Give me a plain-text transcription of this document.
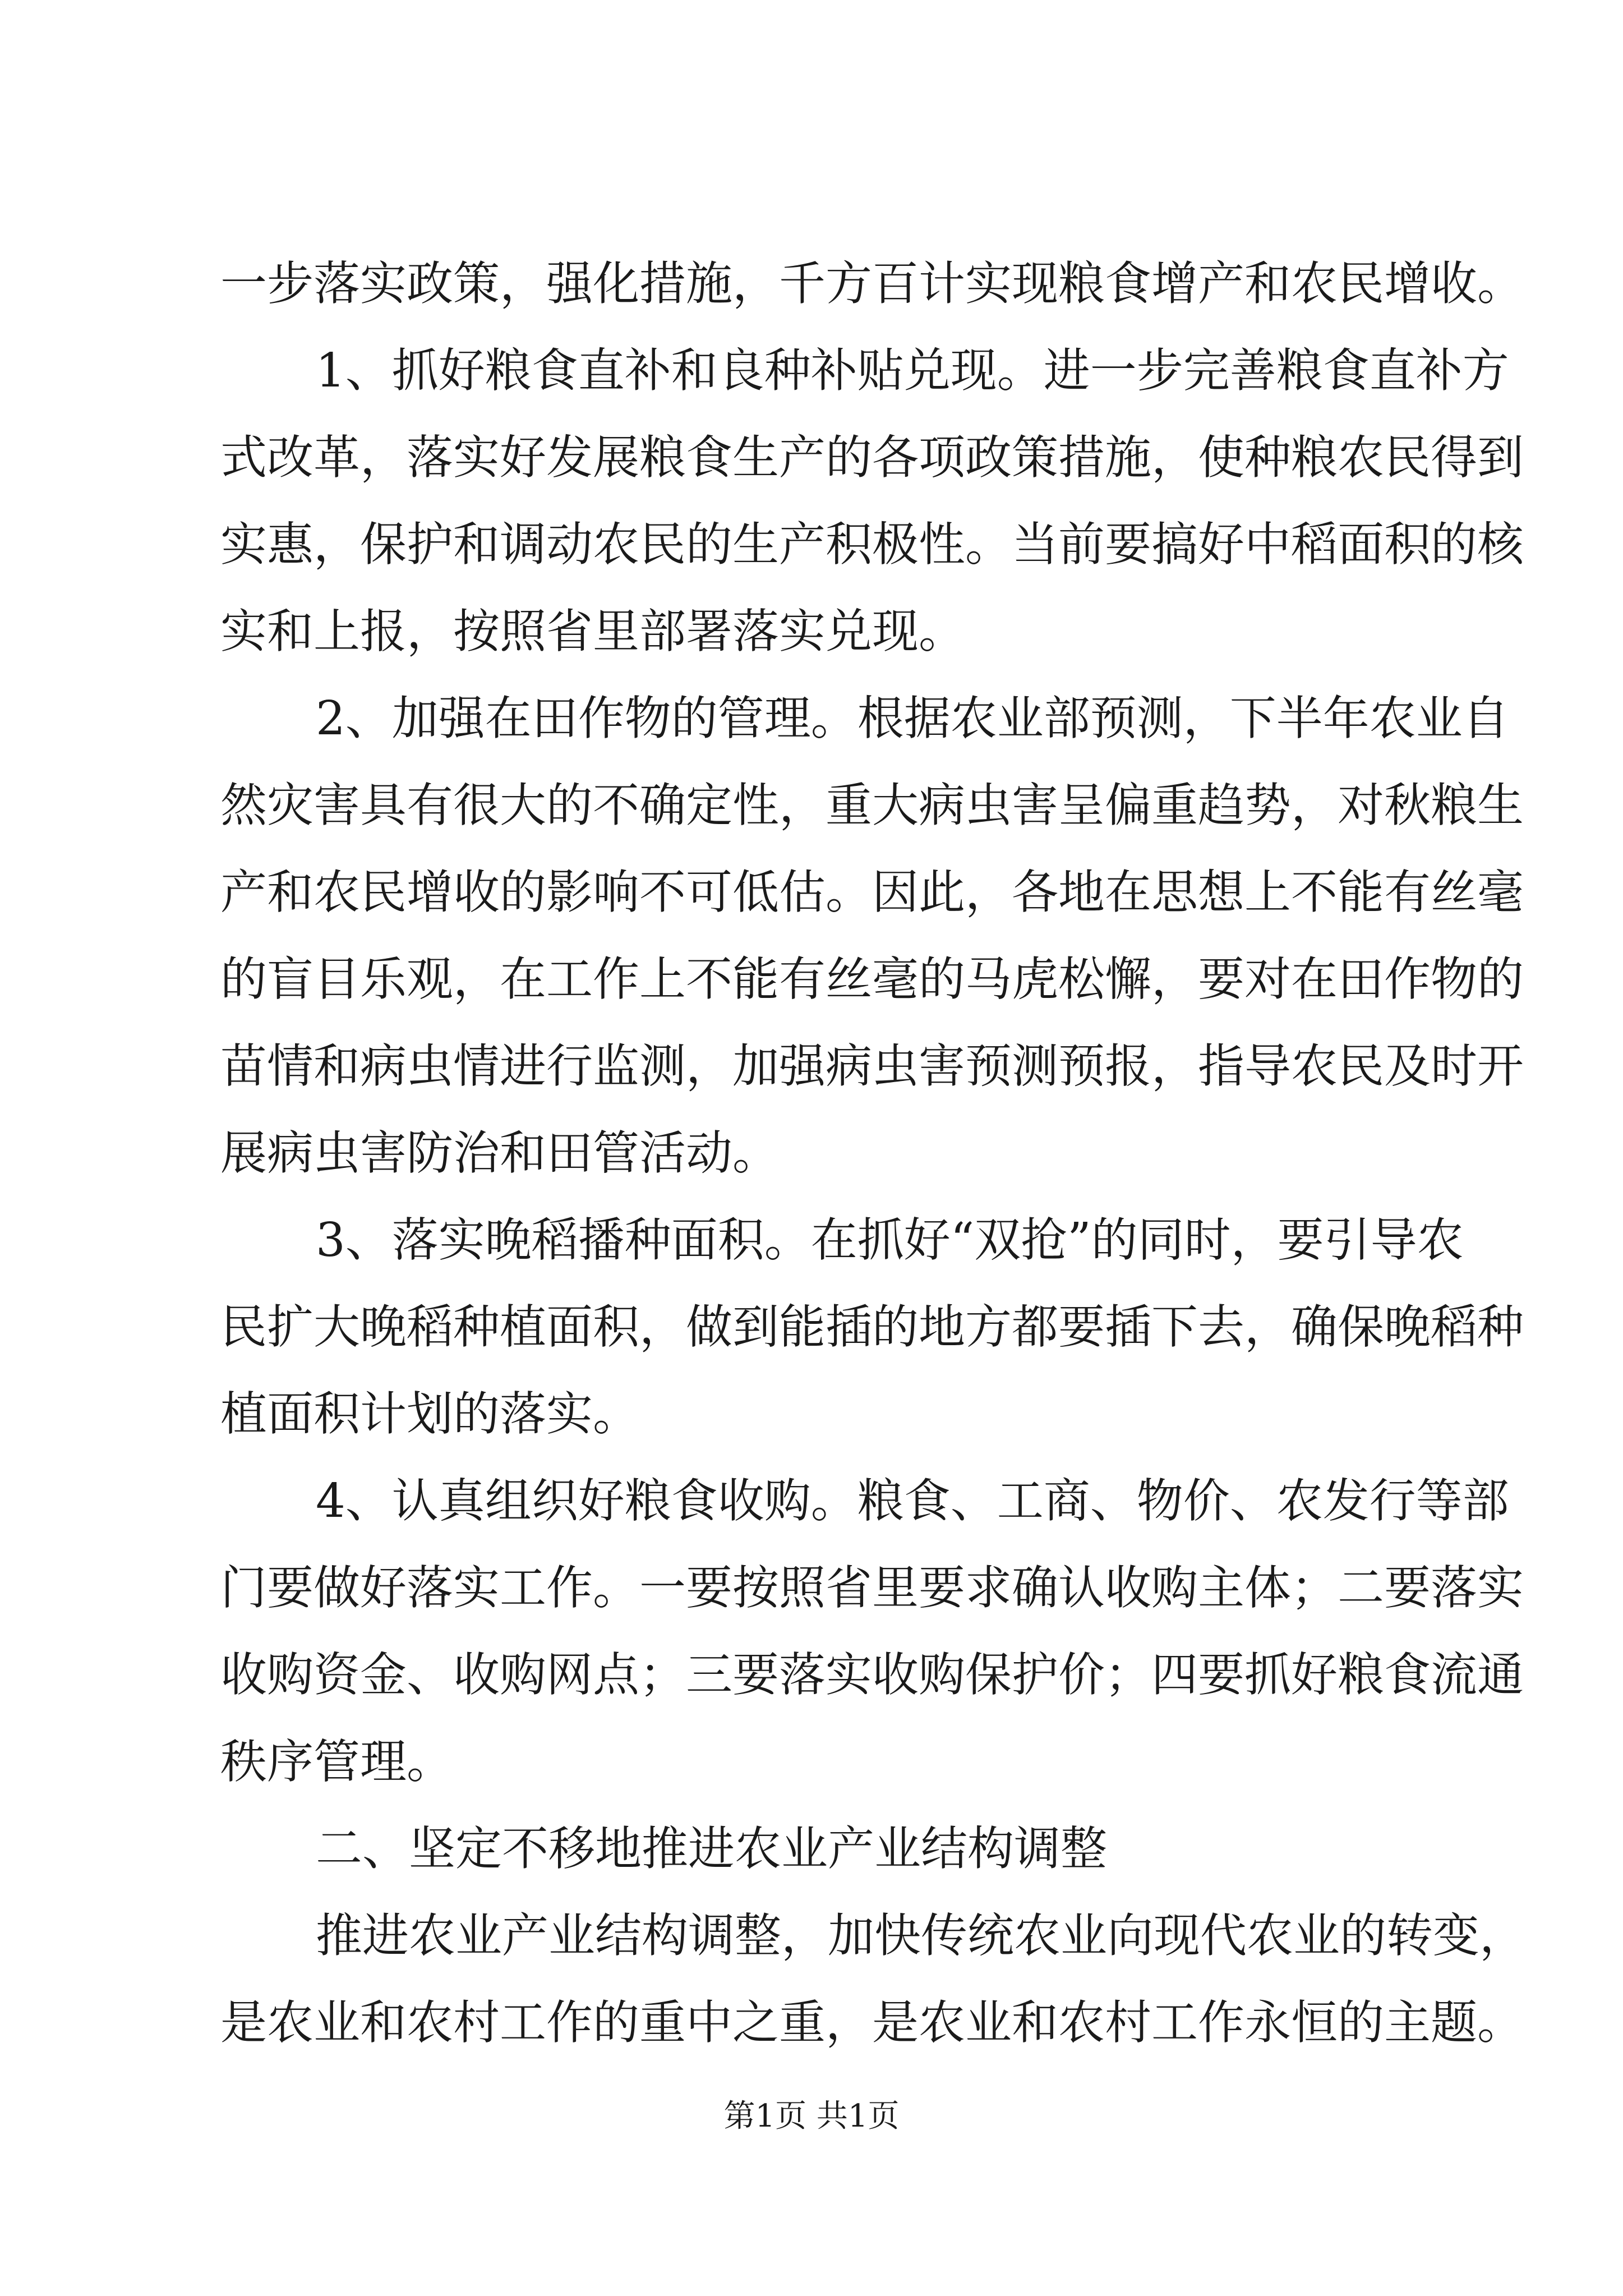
一步落实政策，强化措施，千方百计实现粮食增产和农民增收。
1、抓好粮食直补和良种补贴兑现。进一步完善粮食直补方
式改革，落实好发展粮食生产的各项政策措施，使种粮农民得到
实惠，保护和调动农民的生产积极性。当前要搞好中稻面积的核
实和上报，按照省里部署落实兑现。
2、加强在田作物的管理。根据农业部预测，下半年农业自
然灾害具有很大的不确定性，重大病虫害呈偏重趋势，对秋粮生
产和农民增收的影响不可低估。因此，各地在思想上不能有丝毫
的盲目乐观，在工作上不能有丝毫的马虎松懈，要对在田作物的
苗情和病虫情进行监测，加强病虫害预测预报，指导农民及时开
展病虫害防治和田管活动。
3、落实晚稻播种面积。在抓好“双抢”的同时，要引导农
民扩大晚稻种植面积，做到能插的地方都要插下去，确保晚稻种
植面积计划的落实。
4、认真组织好粮食收购。粮食、工商、物价、农发行等部
门要做好落实工作。一要按照省里要求确认收购主体；二要落实
收购资金、收购网点；三要落实收购保护价；四要抓好粮食流通
秩序管理。
二、坚定不移地推进农业产业结构调整
推进农业产业结构调整，加快传统农业向现代农业的转变，
是农业和农村工作的重中之重，是农业和农村工作永恒的主题。
第1页 共1页
